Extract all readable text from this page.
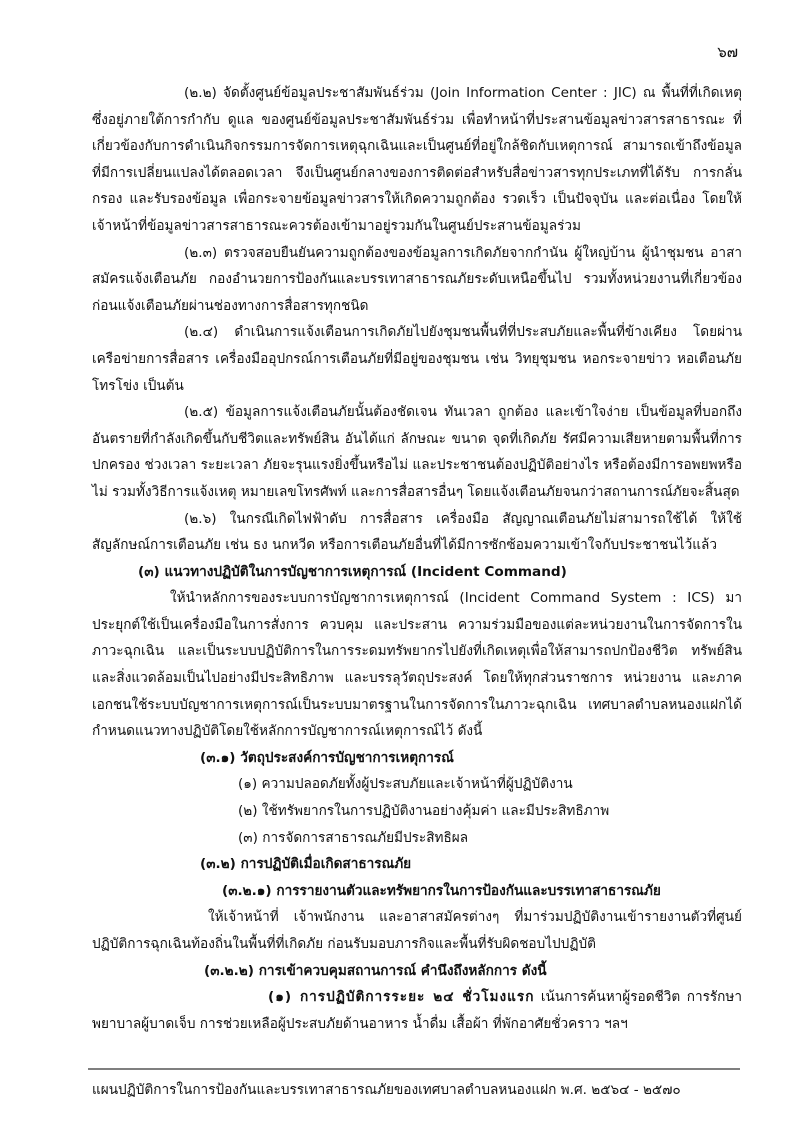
๖๗

(๒.๒) จัดตั้งศูนย์ข้อมูลประชาสัมพันธ์ร่วม (Join Information Center : JIC) ณ พื้นที่ที่เกิดเหตุ ซึ่งอยู่ภายใต้การกำกับ ดูแล ของศูนย์ข้อมูลประชาสัมพันธ์ร่วม เพื่อทำหน้าที่ประสานข้อมูลข่าวสารสาธารณะ ที่เกี่ยวข้องกับการดำเนินกิจกรรมการจัดการเหตุฉุกเฉินและเป็นศูนย์ที่อยู่ใกล้ชิดกับเหตุการณ์ สามารถเข้าถึงข้อมูลที่มีการเปลี่ยนแปลงได้ตลอดเวลา จึงเป็นศูนย์กลางของการติดต่อสำหรับสื่อข่าวสารทุกประเภทที่ได้รับ การกลั่นกรอง และรับรองข้อมูล เพื่อกระจายข้อมูลข่าวสารให้เกิดความถูกต้อง รวดเร็ว เป็นปัจจุบัน และต่อเนื่อง โดยให้เจ้าหน้าที่ข้อมูลข่าวสารสาธารณะควรต้องเข้ามาอยู่รวมกันในศูนย์ประสานข้อมูลร่วม

(๒.๓) ตรวจสอบยืนยันความถูกต้องของข้อมูลการเกิดภัยจากกำนัน ผู้ใหญ่บ้าน ผู้นำชุมชน อาสาสมัครแจ้งเตือนภัย กองอำนวยการป้องกันและบรรเทาสาธารณภัยระดับเหนือขึ้นไป รวมทั้งหน่วยงานที่เกี่ยวข้องก่อนแจ้งเตือนภัยผ่านช่องทางการสื่อสารทุกชนิด

(๒.๔) ดำเนินการแจ้งเตือนการเกิดภัยไปยังชุมชนพื้นที่ที่ประสบภัยและพื้นที่ข้างเคียง โดยผ่านเครือข่ายการสื่อสาร เครื่องมืออุปกรณ์การเตือนภัยที่มีอยู่ของชุมชน เช่น วิทยุชุมชน หอกระจายข่าว หอเตือนภัยโทรโข่ง เป็นต้น

(๒.๕) ข้อมูลการแจ้งเตือนภัยนั้นต้องชัดเจน ทันเวลา ถูกต้อง และเข้าใจง่าย เป็นข้อมูลที่บอกถึงอันตรายที่กำลังเกิดขึ้นกับชีวิตและทรัพย์สิน อันได้แก่ ลักษณะ ขนาด จุดที่เกิดภัย รัศมีความเสียหายตามพื้นที่การปกครอง ช่วงเวลา ระยะเวลา ภัยจะรุนแรงยิ่งขึ้นหรือไม่ และประชาชนต้องปฏิบัติอย่างไร หรือต้องมีการอพยพหรือไม่ รวมทั้งวิธีการแจ้งเหตุ หมายเลขโทรศัพท์ และการสื่อสารอื่นๆ โดยแจ้งเตือนภัยจนกว่าสถานการณ์ภัยจะสิ้นสุด

(๒.๖) ในกรณีเกิดไฟฟ้าดับ การสื่อสาร เครื่องมือ สัญญาณเตือนภัยไม่สามารถใช้ได้ ให้ใช้สัญลักษณ์การเตือนภัย เช่น ธง นกหวีด หรือการเตือนภัยอื่นที่ได้มีการซักซ้อมความเข้าใจกับประชาชนไว้แล้ว

(๓) แนวทางปฏิบัติในการบัญชาการเหตุการณ์ (Incident Command)

ให้นำหลักการของระบบการบัญชาการเหตุการณ์ (Incident Command System : ICS) มาประยุกต์ใช้เป็นเครื่องมือในการสั่งการ ควบคุม และประสาน ความร่วมมือของแต่ละหน่วยงานในการจัดการในภาวะฉุกเฉิน และเป็นระบบปฏิบัติการในการระดมทรัพยากรไปยังที่เกิดเหตุเพื่อให้สามารถปกป้องชีวิต ทรัพย์สินและสิ่งแวดล้อมเป็นไปอย่างมีประสิทธิภาพ และบรรลุวัตถุประสงค์ โดยให้ทุกส่วนราชการ หน่วยงาน และภาคเอกชนใช้ระบบบัญชาการเหตุการณ์เป็นระบบมาตรฐานในการจัดการในภาวะฉุกเฉิน เทศบาลตำบลหนองแฝกได้กำหนดแนวทางปฏิบัติโดยใช้หลักการบัญชาการณ์เหตุการณ์ไว้ ดังนี้

(๓.๑) วัตถุประสงค์การบัญชาการเหตุการณ์

(๑) ความปลอดภัยทั้งผู้ประสบภัยและเจ้าหน้าที่ผู้ปฏิบัติงาน

(๒) ใช้ทรัพยากรในการปฏิบัติงานอย่างคุ้มค่า และมีประสิทธิภาพ

(๓) การจัดการสาธารณภัยมีประสิทธิผล

(๓.๒) การปฏิบัติเมื่อเกิดสาธารณภัย

(๓.๒.๑) การรายงานตัวและทรัพยากรในการป้องกันและบรรเทาสาธารณภัย

ให้เจ้าหน้าที่ เจ้าพนักงาน และอาสาสมัครต่างๆ ที่มาร่วมปฏิบัติงานเข้ารายงานตัวที่ศูนย์ปฏิบัติการฉุกเฉินท้องถิ่นในพื้นที่ที่เกิดภัย ก่อนรับมอบภารกิจและพื้นที่รับผิดชอบไปปฏิบัติ

(๓.๒.๒) การเข้าควบคุมสถานการณ์ คำนึงถึงหลักการ ดังนี้

(๑) การปฏิบัติการระยะ ๒๔ ชั่วโมงแรก เน้นการค้นหาผู้รอดชีวิต การรักษาพยาบาลผู้บาดเจ็บ การช่วยเหลือผู้ประสบภัยด้านอาหาร น้ำดื่ม เสื้อผ้า ที่พักอาศัยชั่วคราว ฯลฯ

แผนปฏิบัติการในการป้องกันและบรรเทาสาธารณภัยของเทศบาลตำบลหนองแฝก พ.ศ. ๒๕๖๔ - ๒๕๗๐
